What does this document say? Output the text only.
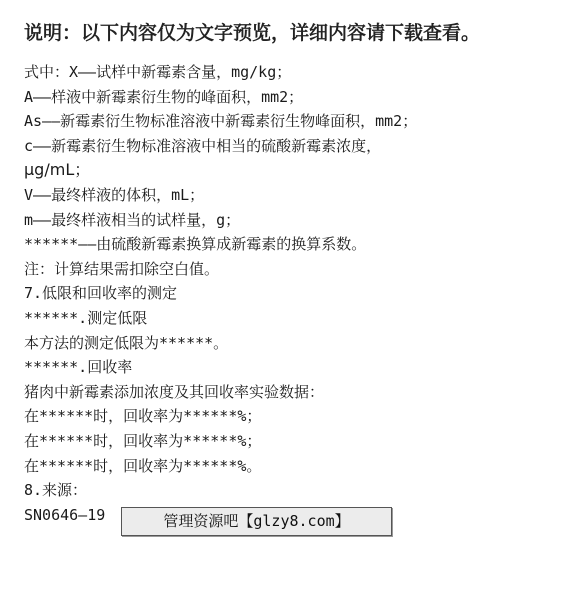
说明：以下内容仅为文字预览，详细内容请下载查看。
式中：X——试样中新霉素含量，mg/kg；
A——样液中新霉素衍生物的峰面积，mm2；
As——新霉素衍生物标准溶液中新霉素衍生物峰面积，mm2；
c——新霉素衍生物标准溶液中相当的硫酸新霉素浓度，
μg/mL；
V——最终样液的体积，mL；
m——最终样液相当的试样量，g；
******——由硫酸新霉素换算成新霉素的换算系数。
注：计算结果需扣除空白值。
7.低限和回收率的测定
******.测定低限
本方法的测定低限为******。
******.回收率
猪肉中新霉素添加浓度及其回收率实验数据：
在******时，回收率为******%；
在******时，回收率为******%；
在******时，回收率为******%。
8.来源：
SN0646—19	管理资源吧【glzy8.com】
